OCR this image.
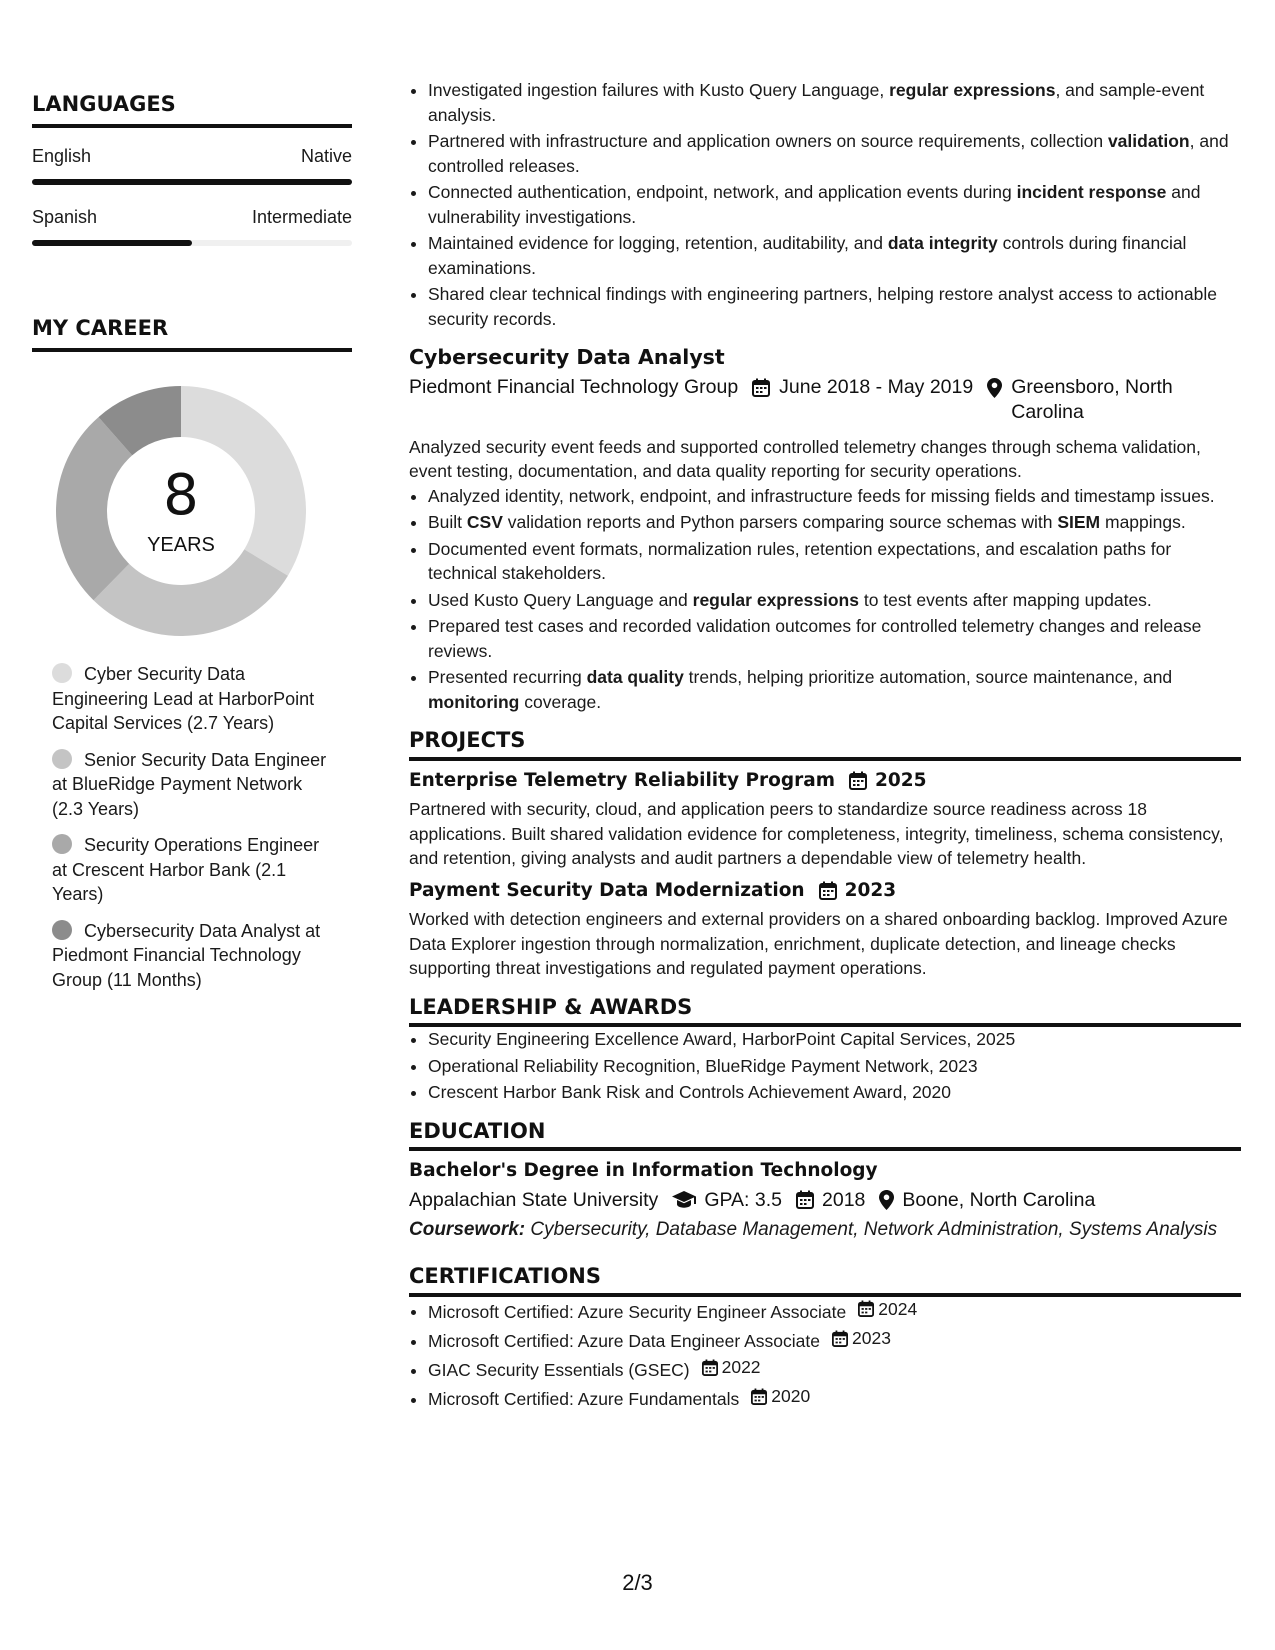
LANGUAGES
English	Native
Spanish	Intermediate
MY CAREER
8
YEARS
Cyber Security Data Engineering Lead at HarborPoint Capital Services (2.7 Years)
Senior Security Data Engineer at BlueRidge Payment Network (2.3 Years)
Security Operations Engineer at Crescent Harbor Bank (2.1 Years)
Cybersecurity Data Analyst at Piedmont Financial Technology Group (11 Months)
• Investigated ingestion failures with Kusto Query Language, regular expressions, and sample-event analysis.
• Partnered with infrastructure and application owners on source requirements, collection validation, and controlled releases.
• Connected authentication, endpoint, network, and application events during incident response and vulnerability investigations.
• Maintained evidence for logging, retention, auditability, and data integrity controls during financial examinations.
• Shared clear technical findings with engineering partners, helping restore analyst access to actionable security records.
Cybersecurity Data Analyst
Piedmont Financial Technology Group June 2018 - May 2019 Greensboro, North Carolina
Analyzed security event feeds and supported controlled telemetry changes through schema validation, event testing, documentation, and data quality reporting for security operations.
• Analyzed identity, network, endpoint, and infrastructure feeds for missing fields and timestamp issues.
• Built CSV validation reports and Python parsers comparing source schemas with SIEM mappings.
• Documented event formats, normalization rules, retention expectations, and escalation paths for technical stakeholders.
• Used Kusto Query Language and regular expressions to test events after mapping updates.
• Prepared test cases and recorded validation outcomes for controlled telemetry changes and release reviews.
• Presented recurring data quality trends, helping prioritize automation, source maintenance, and monitoring coverage.
PROJECTS
Enterprise Telemetry Reliability Program 2025
Partnered with security, cloud, and application peers to standardize source readiness across 18 applications. Built shared validation evidence for completeness, integrity, timeliness, schema consistency, and retention, giving analysts and audit partners a dependable view of telemetry health.
Payment Security Data Modernization 2023
Worked with detection engineers and external providers on a shared onboarding backlog. Improved Azure Data Explorer ingestion through normalization, enrichment, duplicate detection, and lineage checks supporting threat investigations and regulated payment operations.
LEADERSHIP & AWARDS
• Security Engineering Excellence Award, HarborPoint Capital Services, 2025
• Operational Reliability Recognition, BlueRidge Payment Network, 2023
• Crescent Harbor Bank Risk and Controls Achievement Award, 2020
EDUCATION
Bachelor's Degree in Information Technology
Appalachian State University GPA: 3.5 2018 Boone, North Carolina
Coursework: Cybersecurity, Database Management, Network Administration, Systems Analysis
CERTIFICATIONS
• Microsoft Certified: Azure Security Engineer Associate 2024
• Microsoft Certified: Azure Data Engineer Associate 2023
• GIAC Security Essentials (GSEC) 2022
• Microsoft Certified: Azure Fundamentals 2020
2/3
